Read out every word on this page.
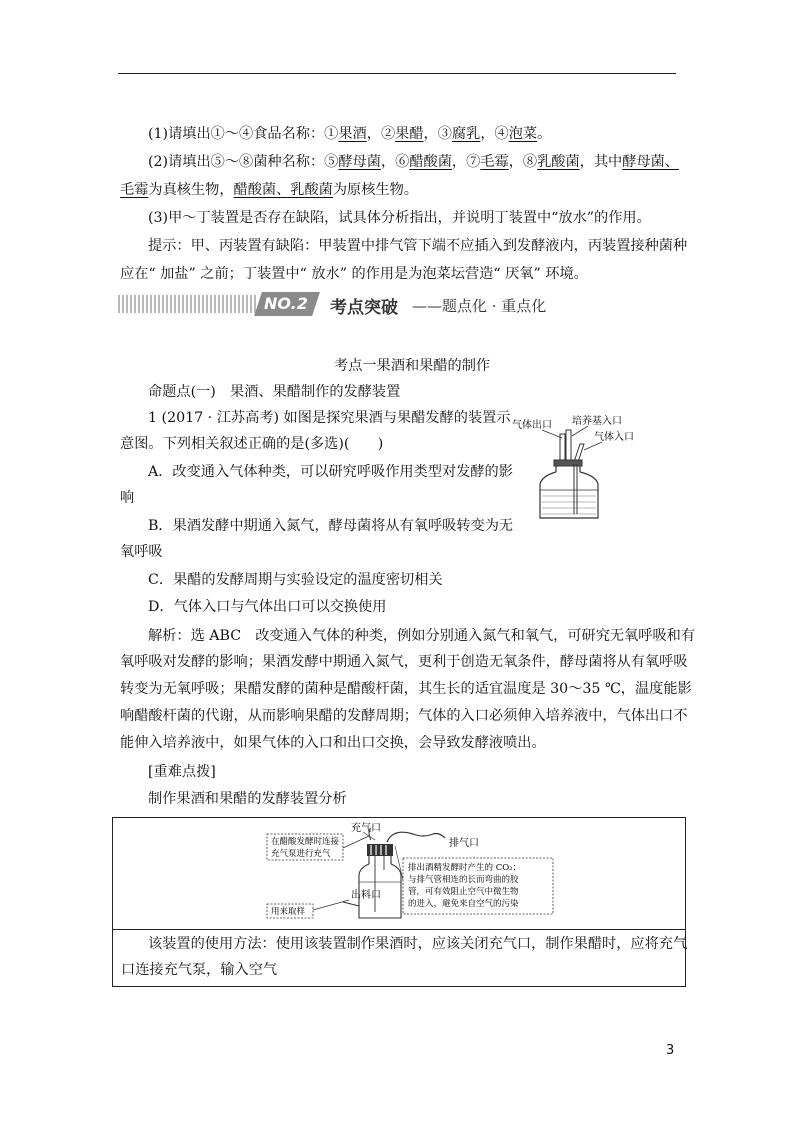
(1)请填出①～④食品名称：①果酒，②果醋，③腐乳，④泡菜。
(2)请填出⑤～⑧菌种名称：⑤酵母菌，⑥醋酸菌，⑦毛霉，⑧乳酸菌，其中酵母菌、
毛霉为真核生物，醋酸菌、乳酸菌为原核生物。
(3)甲～丁装置是否存在缺陷，试具体分析指出，并说明丁装置中“放水”的作用。
提示：甲、丙装置有缺陷：甲装置中排气管下端不应插入到发酵液内，丙装置接种菌种
应在“ 加盐” 之前；丁装置中“ 放水” 的作用是为泡菜坛营造“ 厌氧” 环境。
NO.2 考点突破 ——题点化 · 重点化
考点一果酒和果醋的制作
命题点(一)　果酒、果醋制作的发酵装置
1 (2017 · 江苏高考) 如图是探究果酒与果醋发酵的装置示
意图。下列相关叙述正确的是(多选)(　　)
A．改变通入气体种类，可以研究呼吸作用类型对发酵的影
响
B．果酒发酵中期通入氮气，酵母菌将从有氧呼吸转变为无
氧呼吸
C．果醋的发酵周期与实验设定的温度密切相关
D．气体入口与气体出口可以交换使用
气体出口 培养基入口
气体入口
解析：选 ABC　改变通入气体的种类，例如分别通入氮气和氧气，可研究无氧呼吸和有
氧呼吸对发酵的影响；果酒发酵中期通入氮气，更利于创造无氧条件，酵母菌将从有氧呼吸
转变为无氧呼吸；果醋发酵的菌种是醋酸杆菌，其生长的适宜温度是 30～35 ℃，温度能影
响醋酸杆菌的代谢，从而影响果醋的发酵周期；气体的入口必须伸入培养液中，气体出口不
能伸入培养液中，如果气体的入口和出口交换，会导致发酵液喷出。
[重难点拨]
制作果酒和果醋的发酵装置分析
充气口
排气口
出料口
在醋酸发酵时连接
充气泵进行充气
用来取样
排出酒精发酵时产生的 CO₂；
与排气管相连的长而弯曲的胶
管，可有效阻止空气中微生物
的进入，避免来自空气的污染
该装置的使用方法：使用该装置制作果酒时，应该关闭充气口，制作果醋时，应将充气
口连接充气泵，输入空气
3
